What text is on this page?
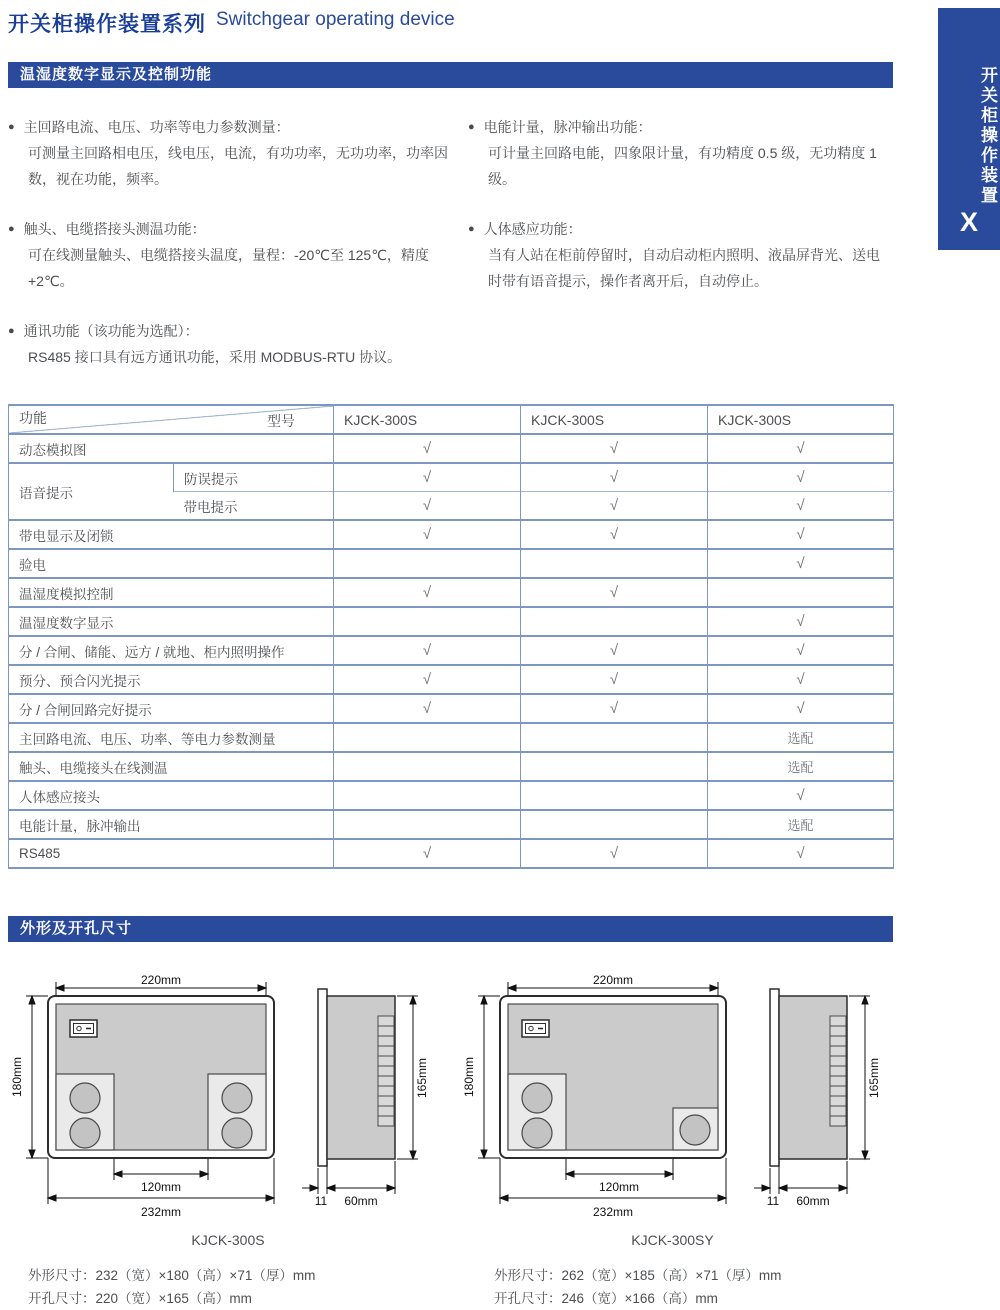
开关柜操作装置
X
开关柜操作装置系列 Switchgear operating device
温湿度数字显示及控制功能
● 主回路电流、电压、功率等电力参数测量：
可测量主回路相电压，线电压，电流，有功功率，无功功率，功率因数，视在功能，频率。
● 电能计量，脉冲输出功能：
可计量主回路电能，四象限计量，有功精度 0.5 级，无功精度 1 级。
● 触头、电缆搭接头测温功能：
可在线测量触头、电缆搭接头温度，量程：-20℃至 125℃，精度+2℃。
● 人体感应功能：
当有人站在柜前停留时，自动启动柜内照明、液晶屏背光、送电时带有语音提示，操作者离开后，自动停止。
● 通讯功能（该功能为选配）：
RS485 接口具有远方通讯功能，采用 MODBUS-RTU 协议。
型号
功能		KJCK-300S	KJCK-300S	KJCK-300S
动态模拟图		√	√	√
语音提示	防误提示	√	√	√
	带电提示	√	√	√
带电显示及闭锁		√	√	√
验电				√
温湿度模拟控制		√	√	
温湿度数字显示				√
分 / 合闸、储能、远方 / 就地、柜内照明操作		√	√	√
预分、预合闪光提示		√	√	√
分 / 合闸回路完好提示		√	√	√
主回路电流、电压、功率、等电力参数测量				选配
触头、电缆接头在线测温				选配
人体感应接头				√
电能计量，脉冲输出				选配
RS485		√	√	√
外形及开孔尺寸
220mm
180mm
120mm
232mm
165mm
11 60mm
KJCK-300S
外形尺寸：232（宽）×180（高）×71（厚）mm
开孔尺寸：220（宽）×165（高）mm
220mm
180mm
120mm
232mm
165mm
11 60mm
KJCK-300SY
外形尺寸：262（宽）×185（高）×71（厚）mm
开孔尺寸：246（宽）×166（高）mm
